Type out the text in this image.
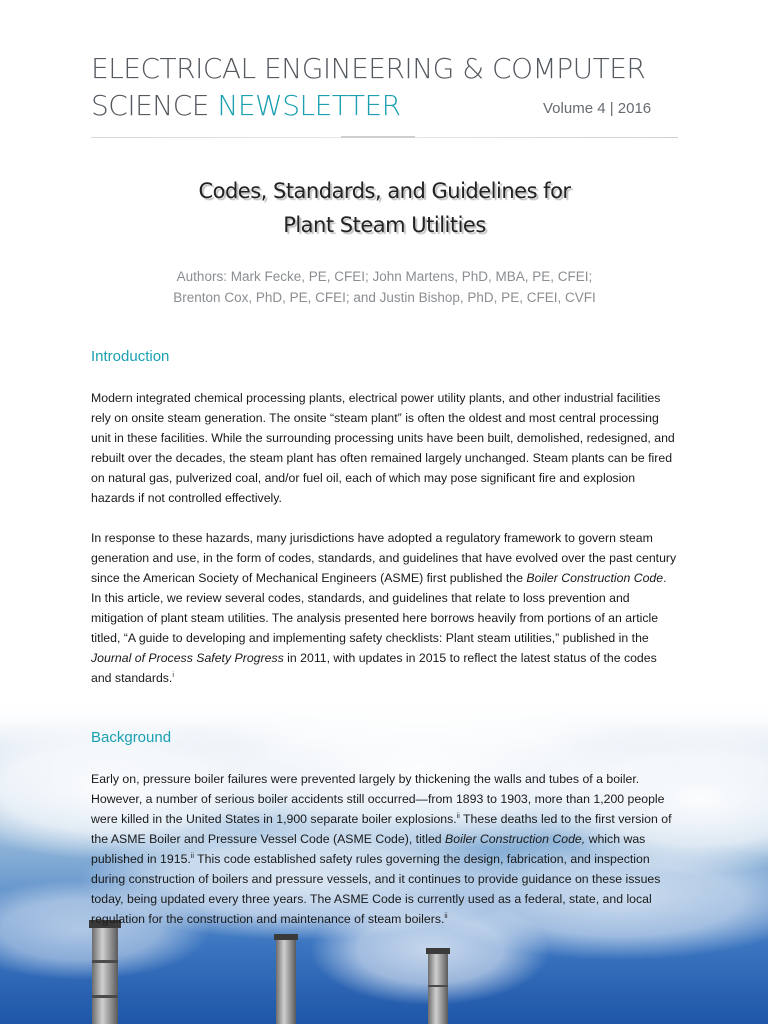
ELECTRICAL ENGINEERING & COMPUTER
SCIENCE NEWSLETTER	Volume 4 | 2016
Codes, Standards, and Guidelines for
Plant Steam Utilities
Authors: Mark Fecke, PE, CFEI; John Martens, PhD, MBA, PE, CFEI;
Brenton Cox, PhD, PE, CFEI; and Justin Bishop, PhD, PE, CFEI, CVFI
Introduction

Modern integrated chemical processing plants, electrical power utility plants, and other industrial facilities rely on onsite steam generation. The onsite “steam plant” is often the oldest and most central processing unit in these facilities. While the surrounding processing units have been built, demolished, redesigned, and rebuilt over the decades, the steam plant has often remained largely unchanged. Steam plants can be fired on natural gas, pulverized coal, and/or fuel oil, each of which may pose significant fire and explosion hazards if not controlled effectively.

In response to these hazards, many jurisdictions have adopted a regulatory framework to govern steam generation and use, in the form of codes, standards, and guidelines that have evolved over the past century since the American Society of Mechanical Engineers (ASME) first published the Boiler Construction Code. In this article, we review several codes, standards, and guidelines that relate to loss prevention and mitigation of plant steam utilities. The analysis presented here borrows heavily from portions of an article titled, “A guide to developing and implementing safety checklists: Plant steam utilities,” published in the Journal of Process Safety Progress in 2011, with updates in 2015 to reflect the latest status of the codes and standards.$^i$

Background

Early on, pressure boiler failures were prevented largely by thickening the walls and tubes of a boiler. However, a number of serious boiler accidents still occurred—from 1893 to 1903, more than 1,200 people were killed in the United States in 1,900 separate boiler explosions.$^{ii}$ These deaths led to the first version of the ASME Boiler and Pressure Vessel Code (ASME Code), titled Boiler Construction Code, which was published in 1915.$^{ii}$ This code established safety rules governing the design, fabrication, and inspection during construction of boilers and pressure vessels, and it continues to provide guidance on these issues today, being updated every three years. The ASME Code is currently used as a federal, state, and local regulation for the construction and maintenance of steam boilers.$^{ii}$
